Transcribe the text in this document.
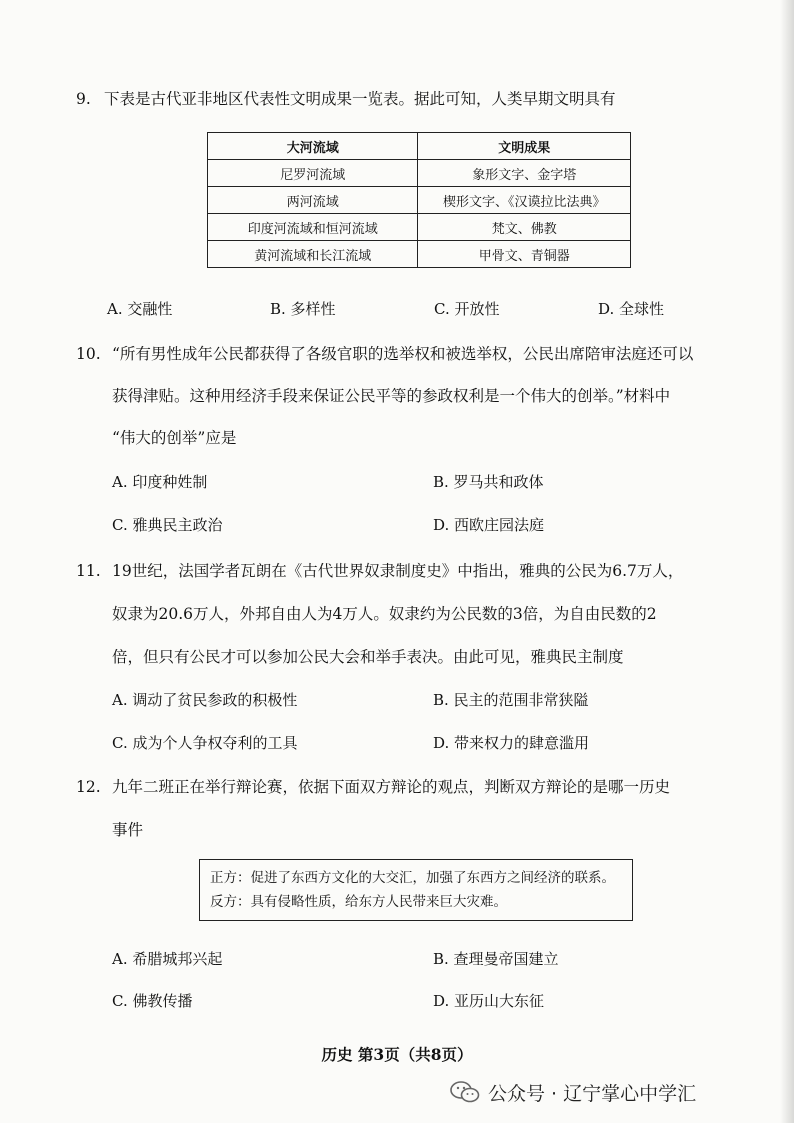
9. 下表是古代亚非地区代表性文明成果一览表。据此可知，人类早期文明具有
大河流域	文明成果
尼罗河流域	象形文字、金字塔
两河流域	楔形文字、《汉谟拉比法典》
印度河流域和恒河流域	梵文、佛教
黄河流域和长江流域	甲骨文、青铜器
A. 交融性	B. 多样性	C. 开放性	D. 全球性
10. “所有男性成年公民都获得了各级官职的选举权和被选举权，公民出席陪审法庭还可以
获得津贴。这种用经济手段来保证公民平等的参政权利是一个伟大的创举。”材料中
“伟大的创举”应是
A. 印度种姓制	B. 罗马共和政体
C. 雅典民主政治	D. 西欧庄园法庭
11. 19世纪，法国学者瓦朗在《古代世界奴隶制度史》中指出，雅典的公民为6.7万人，
奴隶为20.6万人，外邦自由人为4万人。奴隶约为公民数的3倍，为自由民数的2
倍，但只有公民才可以参加公民大会和举手表决。由此可见，雅典民主制度
A. 调动了贫民参政的积极性	B. 民主的范围非常狭隘
C. 成为个人争权夺利的工具	D. 带来权力的肆意滥用
12. 九年二班正在举行辩论赛，依据下面双方辩论的观点，判断双方辩论的是哪一历史
事件
正方：促进了东西方文化的大交汇，加强了东西方之间经济的联系。
反方：具有侵略性质，给东方人民带来巨大灾难。
A. 希腊城邦兴起	B. 查理曼帝国建立
C. 佛教传播	D. 亚历山大东征
历史 第3页（共8页）
公众号 · 辽宁掌心中学汇
